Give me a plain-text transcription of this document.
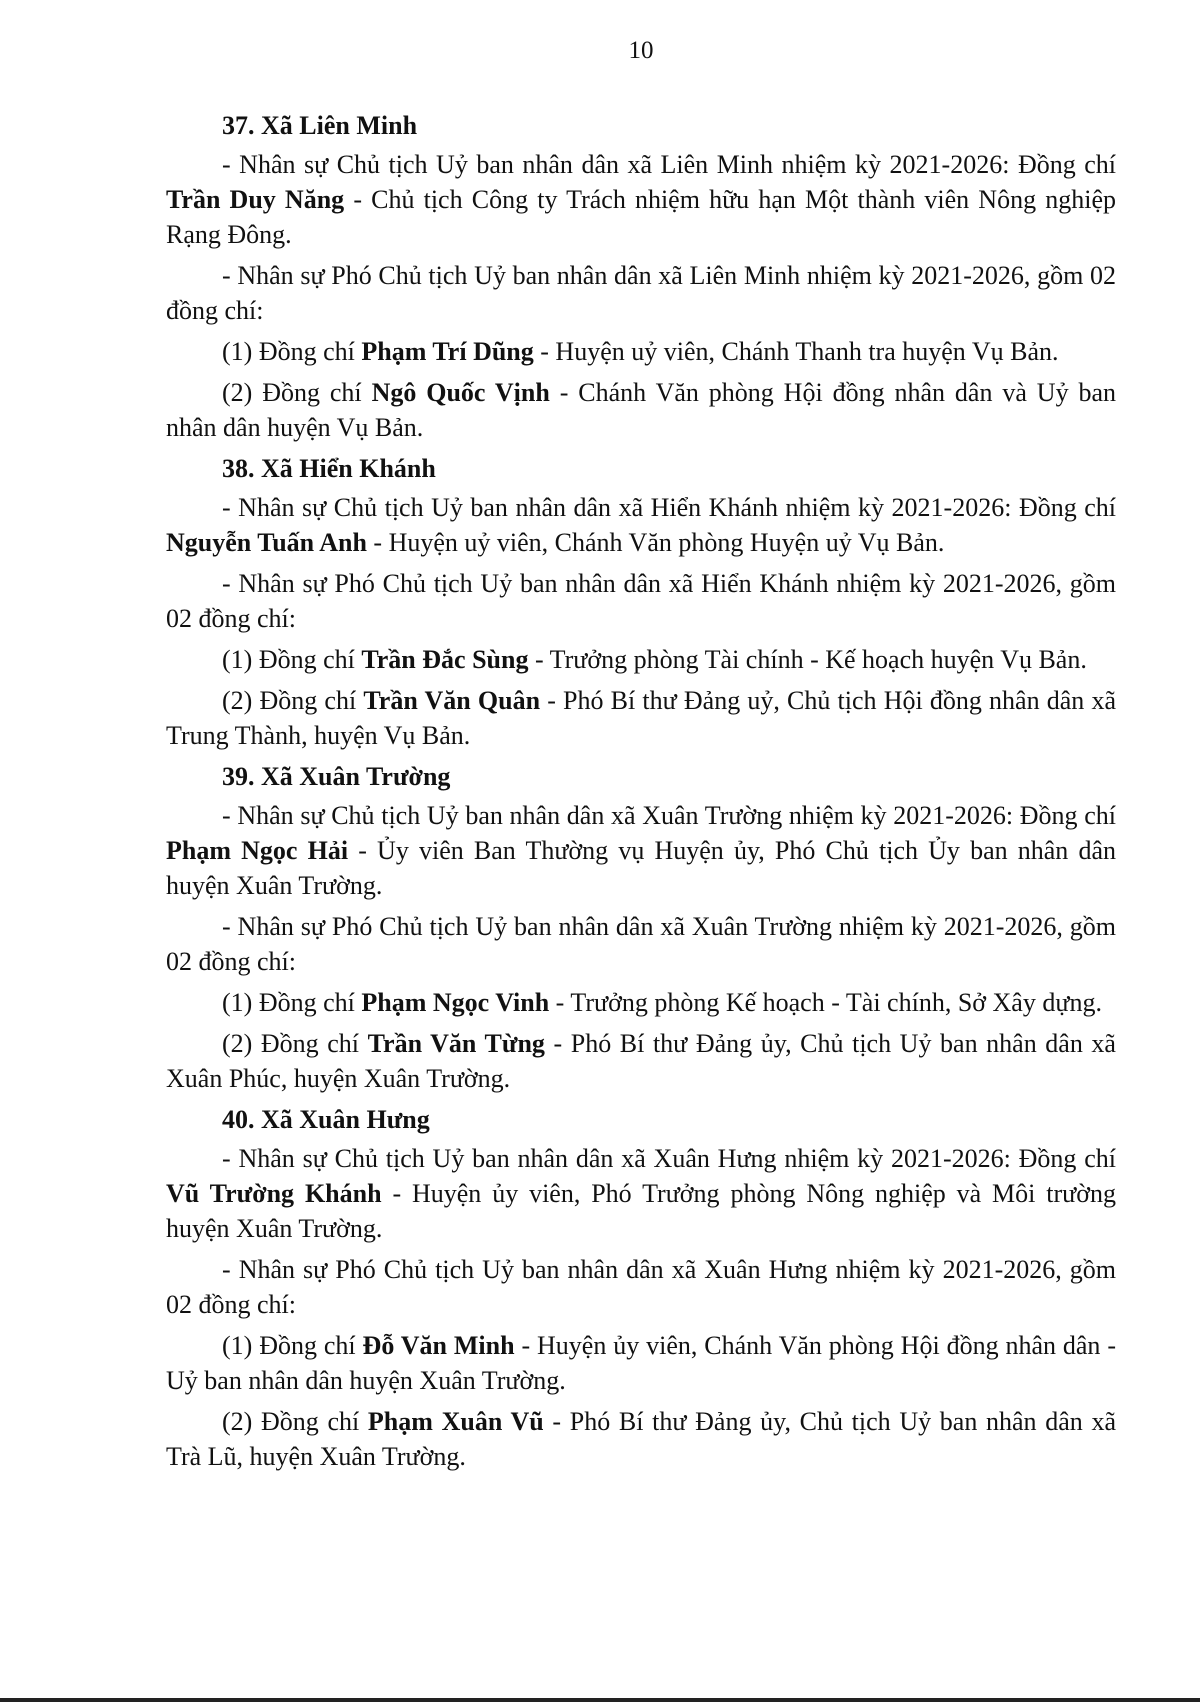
10

37. Xã Liên Minh

- Nhân sự Chủ tịch Uỷ ban nhân dân xã Liên Minh nhiệm kỳ 2021-2026: Đồng chí Trần Duy Năng - Chủ tịch Công ty Trách nhiệm hữu hạn Một thành viên Nông nghiệp Rạng Đông.

- Nhân sự Phó Chủ tịch Uỷ ban nhân dân xã Liên Minh nhiệm kỳ 2021-2026, gồm 02 đồng chí:

(1) Đồng chí Phạm Trí Dũng - Huyện uỷ viên, Chánh Thanh tra huyện Vụ Bản.

(2) Đồng chí Ngô Quốc Vịnh - Chánh Văn phòng Hội đồng nhân dân và Uỷ ban nhân dân huyện Vụ Bản.

38. Xã Hiển Khánh

- Nhân sự Chủ tịch Uỷ ban nhân dân xã Hiển Khánh nhiệm kỳ 2021-2026: Đồng chí Nguyễn Tuấn Anh - Huyện uỷ viên, Chánh Văn phòng Huyện uỷ Vụ Bản.

- Nhân sự Phó Chủ tịch Uỷ ban nhân dân xã Hiển Khánh nhiệm kỳ 2021-2026, gồm 02 đồng chí:

(1) Đồng chí Trần Đắc Sùng - Trưởng phòng Tài chính - Kế hoạch huyện Vụ Bản.

(2) Đồng chí Trần Văn Quân - Phó Bí thư Đảng uỷ, Chủ tịch Hội đồng nhân dân xã Trung Thành, huyện Vụ Bản.

39. Xã Xuân Trường

- Nhân sự Chủ tịch Uỷ ban nhân dân xã Xuân Trường nhiệm kỳ 2021-2026: Đồng chí Phạm Ngọc Hải - Ủy viên Ban Thường vụ Huyện ủy, Phó Chủ tịch Ủy ban nhân dân huyện Xuân Trường.

- Nhân sự Phó Chủ tịch Uỷ ban nhân dân xã Xuân Trường nhiệm kỳ 2021-2026, gồm 02 đồng chí:

(1) Đồng chí Phạm Ngọc Vinh - Trưởng phòng Kế hoạch - Tài chính, Sở Xây dựng.

(2) Đồng chí Trần Văn Từng - Phó Bí thư Đảng ủy, Chủ tịch Uỷ ban nhân dân xã Xuân Phúc, huyện Xuân Trường.

40. Xã Xuân Hưng

- Nhân sự Chủ tịch Uỷ ban nhân dân xã Xuân Hưng nhiệm kỳ 2021-2026: Đồng chí Vũ Trường Khánh - Huyện ủy viên, Phó Trưởng phòng Nông nghiệp và Môi trường huyện Xuân Trường.

- Nhân sự Phó Chủ tịch Uỷ ban nhân dân xã Xuân Hưng nhiệm kỳ 2021-2026, gồm 02 đồng chí:

(1) Đồng chí Đỗ Văn Minh - Huyện ủy viên, Chánh Văn phòng Hội đồng nhân dân - Uỷ ban nhân dân huyện Xuân Trường.

(2) Đồng chí Phạm Xuân Vũ - Phó Bí thư Đảng ủy, Chủ tịch Uỷ ban nhân dân xã Trà Lũ, huyện Xuân Trường.
